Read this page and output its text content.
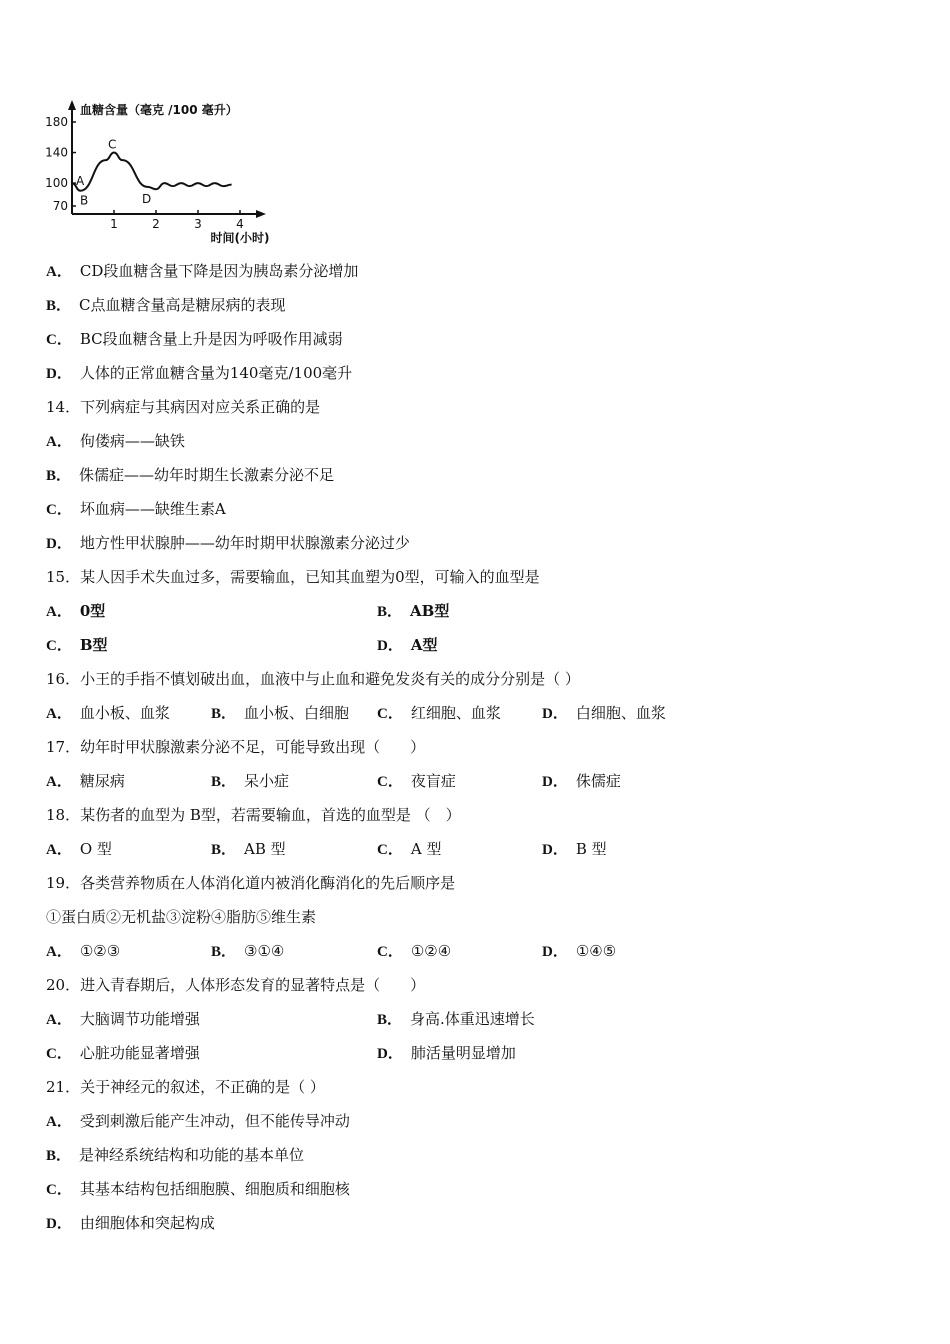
180
140
100
70
1	2	3	4
血糖含量（毫克 /100 毫升）
时间(小时)
A
B
C
D
A． CD段血糖含量下降是因为胰岛素分泌增加
B． C点血糖含量高是糖尿病的表现
C． BC段血糖含量上升是因为呼吸作用减弱
D． 人体的正常血糖含量为140毫克/100毫升
14．下列病症与其病因对应关系正确的是
A． 佝偻病——缺铁
B． 侏儒症——幼年时期生长激素分泌不足
C． 坏血病——缺维生素A
D． 地方性甲状腺肿——幼年时期甲状腺激素分泌过少
15．某人因手术失血过多，需要输血，已知其血塑为0型，可输入的血型是
A． 0型	B． AB型
C． B型	D． A型
16．小王的手指不慎划破出血，血液中与止血和避免发炎有关的成分分别是（ ）
A． 血小板、血浆	B． 血小板、白细胞 C． 红细胞、血浆	D． 白细胞、血浆
17．幼年时甲状腺激素分泌不足，可能导致出现（　　）
A． 糖尿病	B． 呆小症	C． 夜盲症	D． 侏儒症
18．某伤者的血型为 B型，若需要输血，首选的血型是 （　）
A． O 型	B． AB 型	C． A 型	D． B 型
19．各类营养物质在人体消化道内被消化酶消化的先后顺序是
①蛋白质②无机盐③淀粉④脂肪⑤维生素
A． ①②③	B． ③①④	C． ①②④	D． ①④⑤
20．进入青春期后，人体形态发育的显著特点是（　　）
A． 大脑调节功能增强	B． 身高.体重迅速增长
C． 心脏功能显著增强	D． 肺活量明显增加
21．关于神经元的叙述，不正确的是（ ）
A． 受到刺激后能产生冲动，但不能传导冲动
B． 是神经系统结构和功能的基本单位
C． 其基本结构包括细胞膜、细胞质和细胞核
D． 由细胞体和突起构成
